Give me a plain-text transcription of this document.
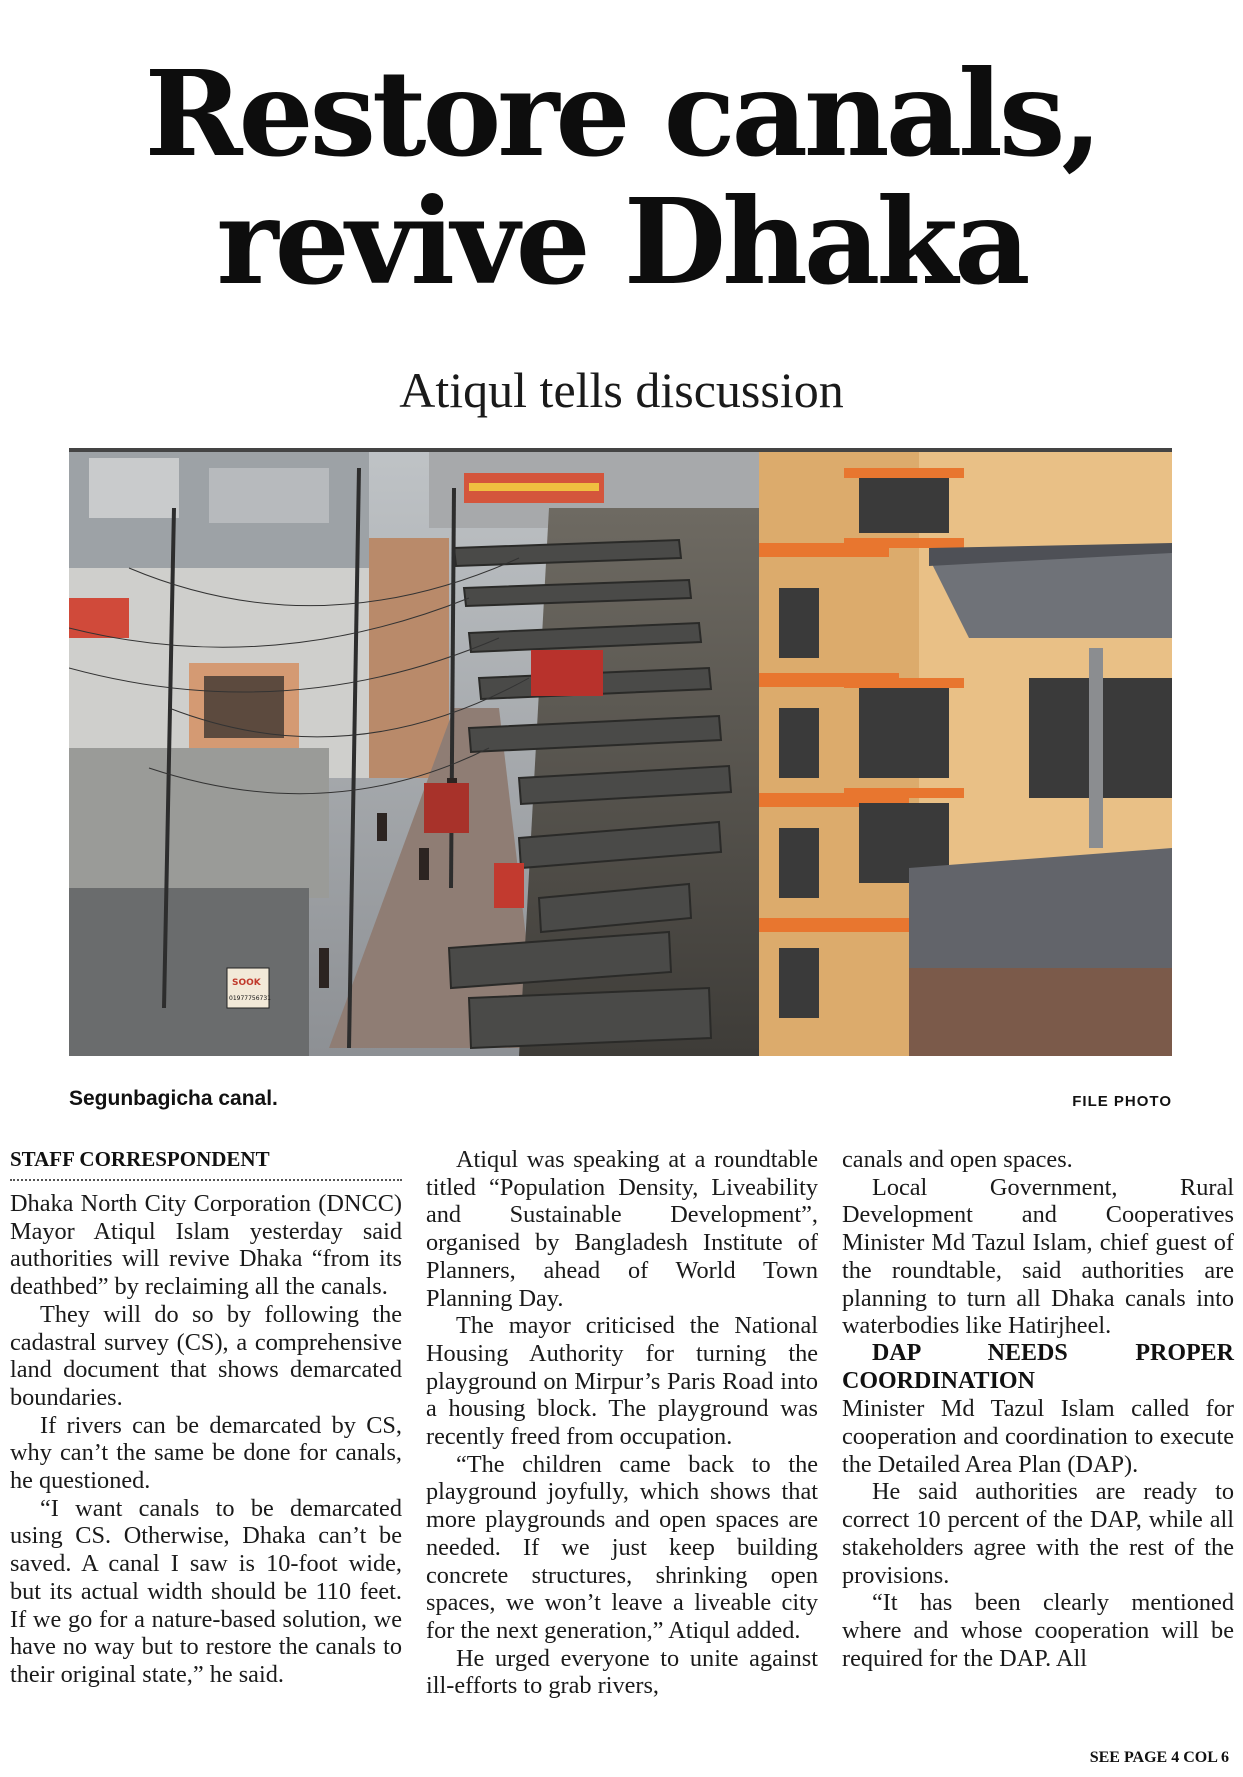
Restore canals,
revive Dhaka
Atiqul tells discussion
SOOK
01977756731
Segunbagicha canal.	FILE PHOTO
STAFF CORRESPONDENT

Dhaka North City Corporation (DNCC) Mayor Atiqul Islam yesterday said authorities will revive Dhaka “from its deathbed” by reclaiming all the canals.

They will do so by following the cadastral survey (CS), a comprehensive land document that shows demarcated boundaries.

If rivers can be demarcated by CS, why can’t the same be done for canals, he questioned.

“I want canals to be demarcated using CS. Otherwise, Dhaka can’t be saved. A canal I saw is 10-foot wide, but its actual width should be 110 feet. If we go for a nature-based solution, we have no way but to restore the canals to their original state,” he said.

Atiqul was speaking at a roundtable titled “Population Density, Liveability and Sustainable Development”, organised by Bangladesh Institute of Planners, ahead of World Town Planning Day.

The mayor criticised the National Housing Authority for turning the playground on Mirpur’s Paris Road into a housing block. The playground was recently freed from occupation.

“The children came back to the playground joyfully, which shows that more playgrounds and open spaces are needed. If we just keep building concrete structures, shrinking open spaces, we won’t leave a liveable city for the next generation,” Atiqul added.

He urged everyone to unite against ill-efforts to grab rivers,

canals and open spaces.

Local Government, Rural Development and Cooperatives Minister Md Tazul Islam, chief guest of the roundtable, said authorities are planning to turn all Dhaka canals into waterbodies like Hatirjheel.

DAP NEEDS PROPER COORDINATION

Minister Md Tazul Islam called for cooperation and coordination to execute the Detailed Area Plan (DAP).

He said authorities are ready to correct 10 percent of the DAP, while all stakeholders agree with the rest of the provisions.

“It has been clearly mentioned where and whose cooperation will be required for the DAP. All

SEE PAGE 4 COL 6
